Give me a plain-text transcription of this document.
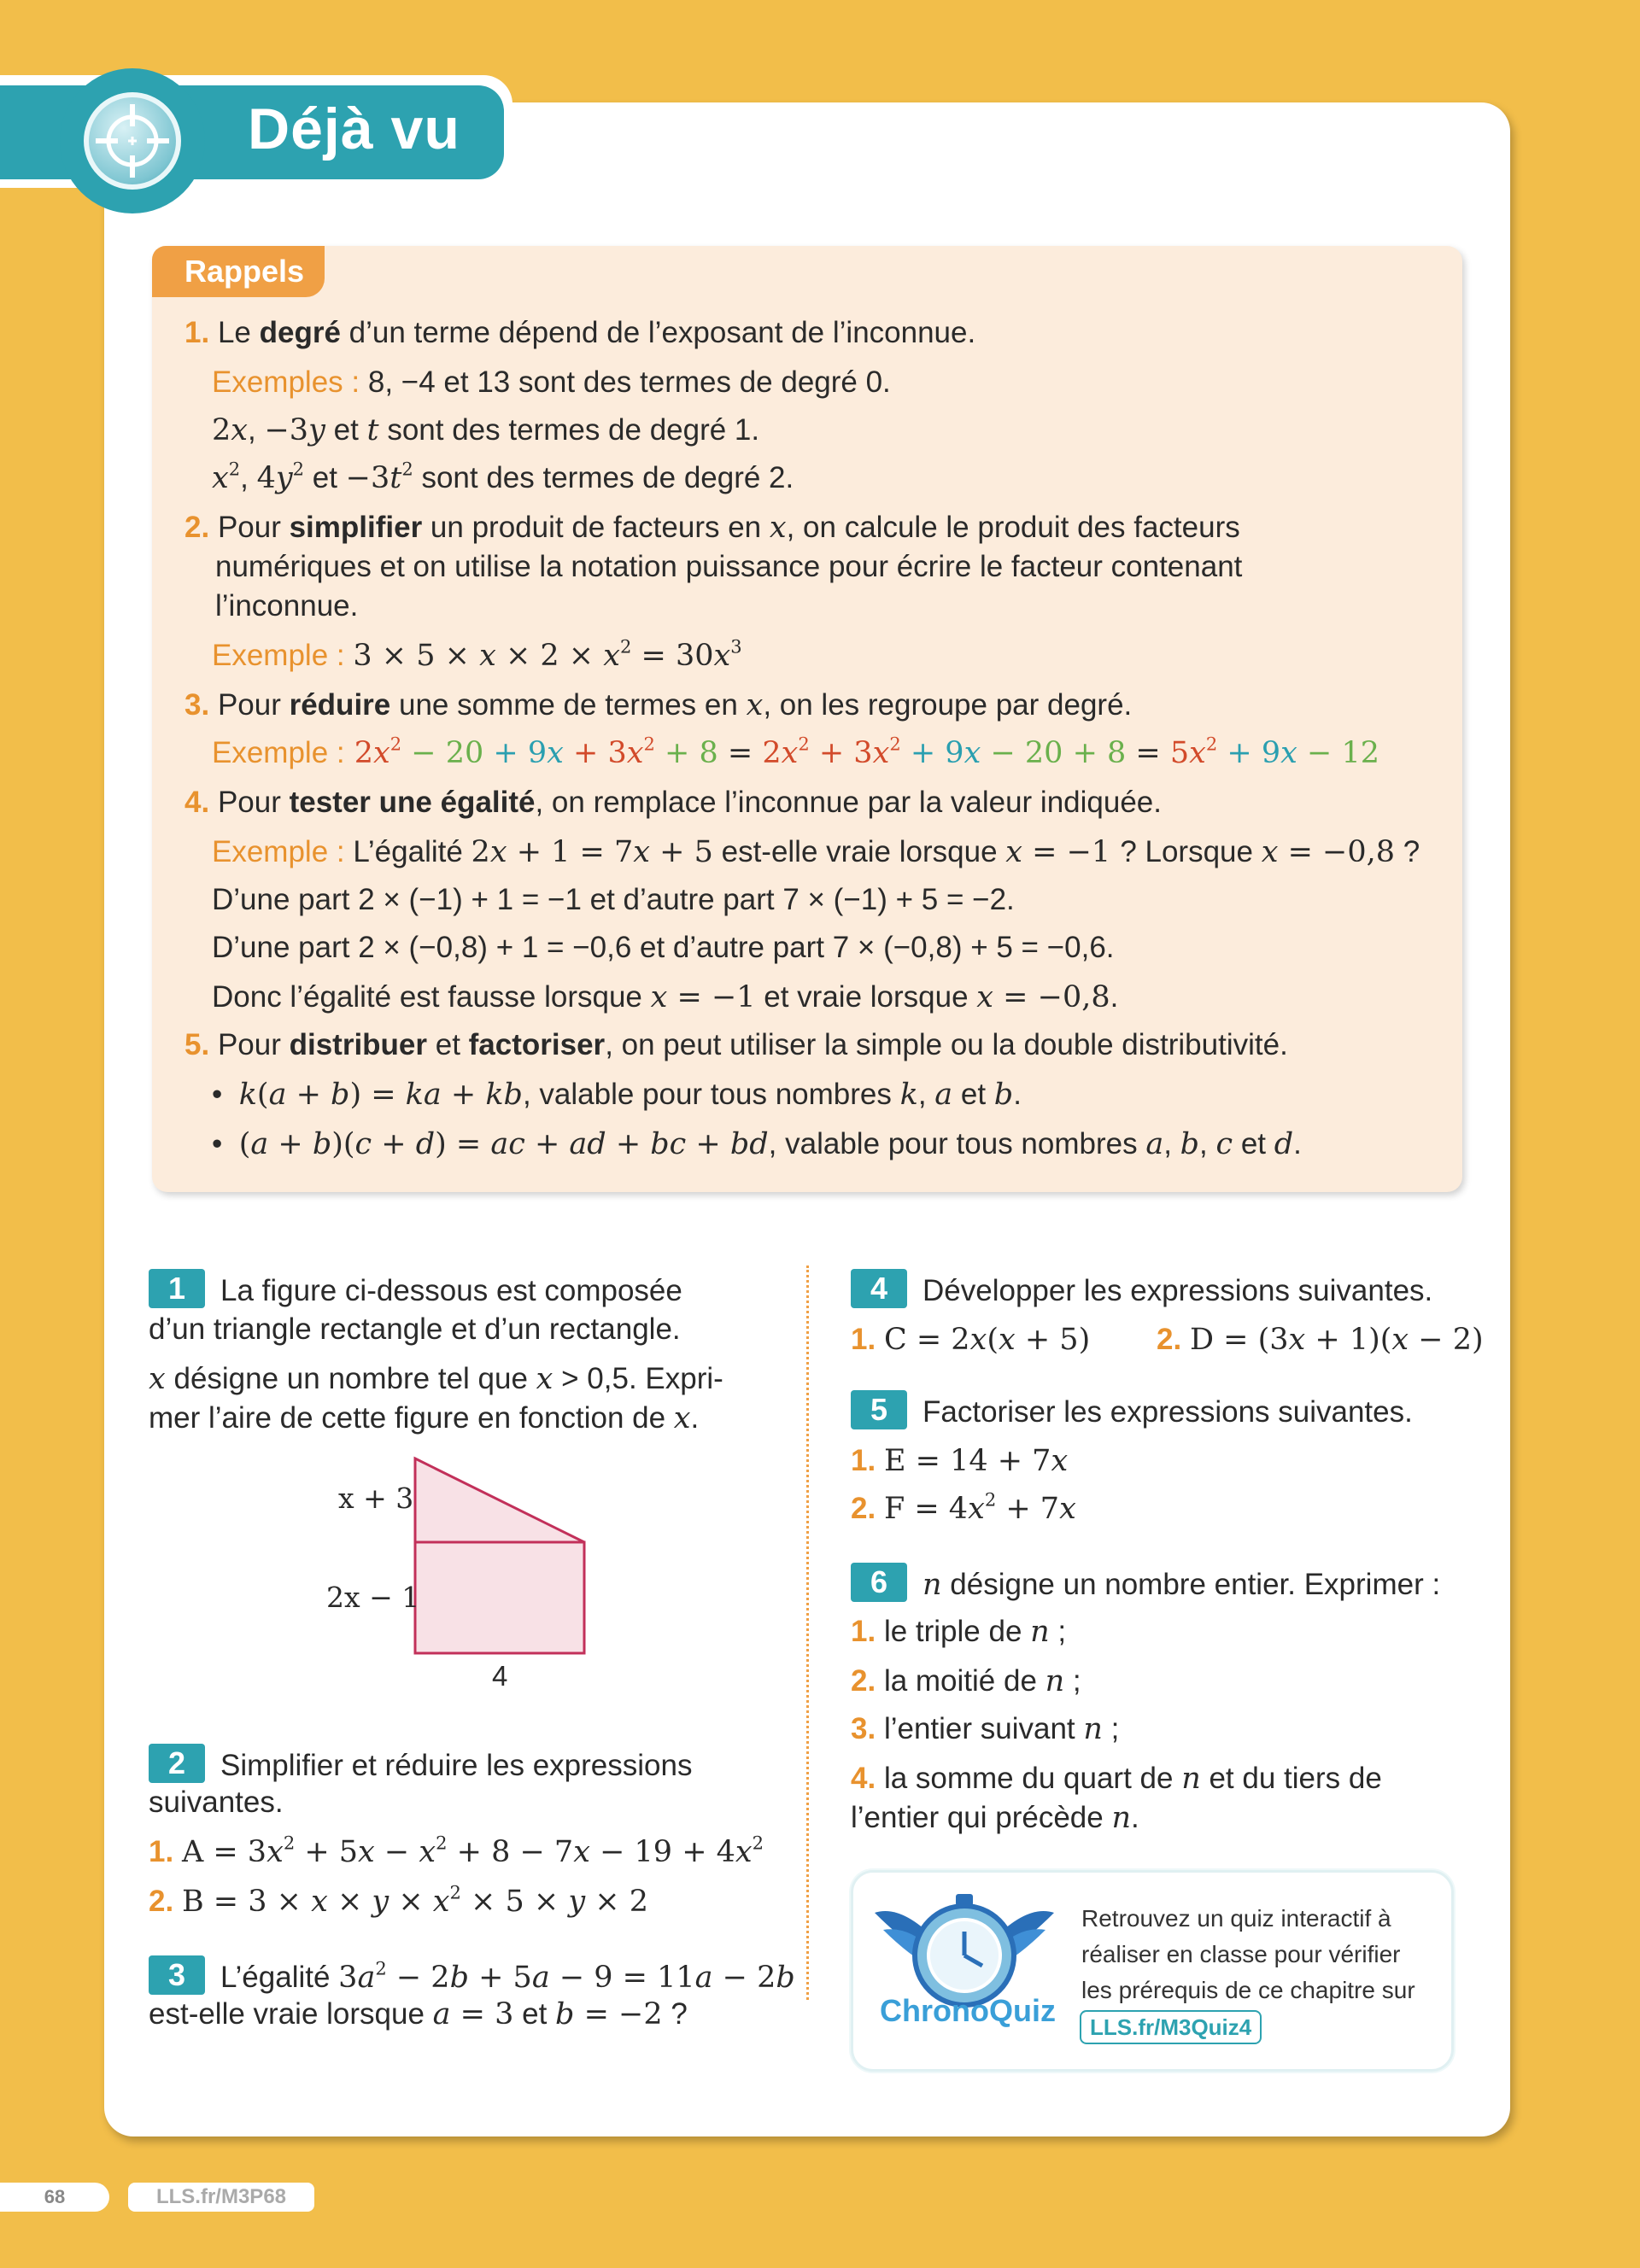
Déjà vu
Rappels
1. Le degré d’un terme dépend de l’exposant de l’inconnue.
Exemples : 8, −4 et 13 sont des termes de degré 0.
2x, −3y et t sont des termes de degré 1.
$x^2$, $4y^2$ et $-3t^2$ sont des termes de degré 2.
2. Pour simplifier un produit de facteurs en x, on calcule le produit des facteurs
numériques et on utilise la notation puissance pour écrire le facteur contenant
l’inconnue.
Exemple : $3 \times 5 \times x \times 2 \times x^2 = 30x^3$
3. Pour réduire une somme de termes en x, on les regroupe par degré.
Exemple : $2x^2 - 20 + 9x + 3x^2 + 8 = 2x^2 + 3x^2 + 9x - 20 + 8 = 5x^2 + 9x - 12$
4. Pour tester une égalité, on remplace l’inconnue par la valeur indiquée.
Exemple : L’égalité 2x + 1 = 7x + 5 est-elle vraie lorsque x = −1 ? Lorsque x = −0,8 ?
D’une part 2 × (−1) + 1 = −1 et d’autre part 7 × (−1) + 5 = −2.
D’une part 2 × (−0,8) + 1 = −0,6 et d’autre part 7 × (−0,8) + 5 = −0,6.
Donc l’égalité est fausse lorsque x = −1 et vraie lorsque x = −0,8.
5. Pour distribuer et factoriser, on peut utiliser la simple ou la double distributivité.
•  k(a + b) = ka + kb, valable pour tous nombres k, a et b.
•  (a + b)(c + d) = ac + ad + bc + bd, valable pour tous nombres a, b, c et d.
1 La figure ci-dessous est composée
d’un triangle rectangle et d’un rectangle.
x désigne un nombre tel que x > 0,5. Expri-
mer l’aire de cette figure en fonction de x.
x + 3
2x − 1
4
2 Simplifier et réduire les expressions
suivantes.
1. $A = 3x^2 + 5x - x^2 + 8 - 7x - 19 + 4x^2$
2. $B = 3 \times x \times y \times x^2 \times 5 \times y \times 2$
3 L’égalité $3a^2 - 2b + 5a - 9 = 11a - 2b$
est-elle vraie lorsque a = 3 et b = −2 ?
4 Développer les expressions suivantes.
1. C = 2x(x + 5) 2. D = (3x + 1)(x − 2)
5 Factoriser les expressions suivantes.
1. E = 14 + 7x
2. $F = 4x^2 + 7x$
6 n désigne un nombre entier. Exprimer :
1. le triple de n ;
2. la moitié de n ;
3. l’entier suivant n ;
4. la somme du quart de n et du tiers de
l’entier qui précède n.
ChronoQuiz
Retrouvez un quiz interactif à
réaliser en classe pour vérifier
les prérequis de ce chapitre sur
LLS.fr/M3Quiz4
68	LLS.fr/M3P68
